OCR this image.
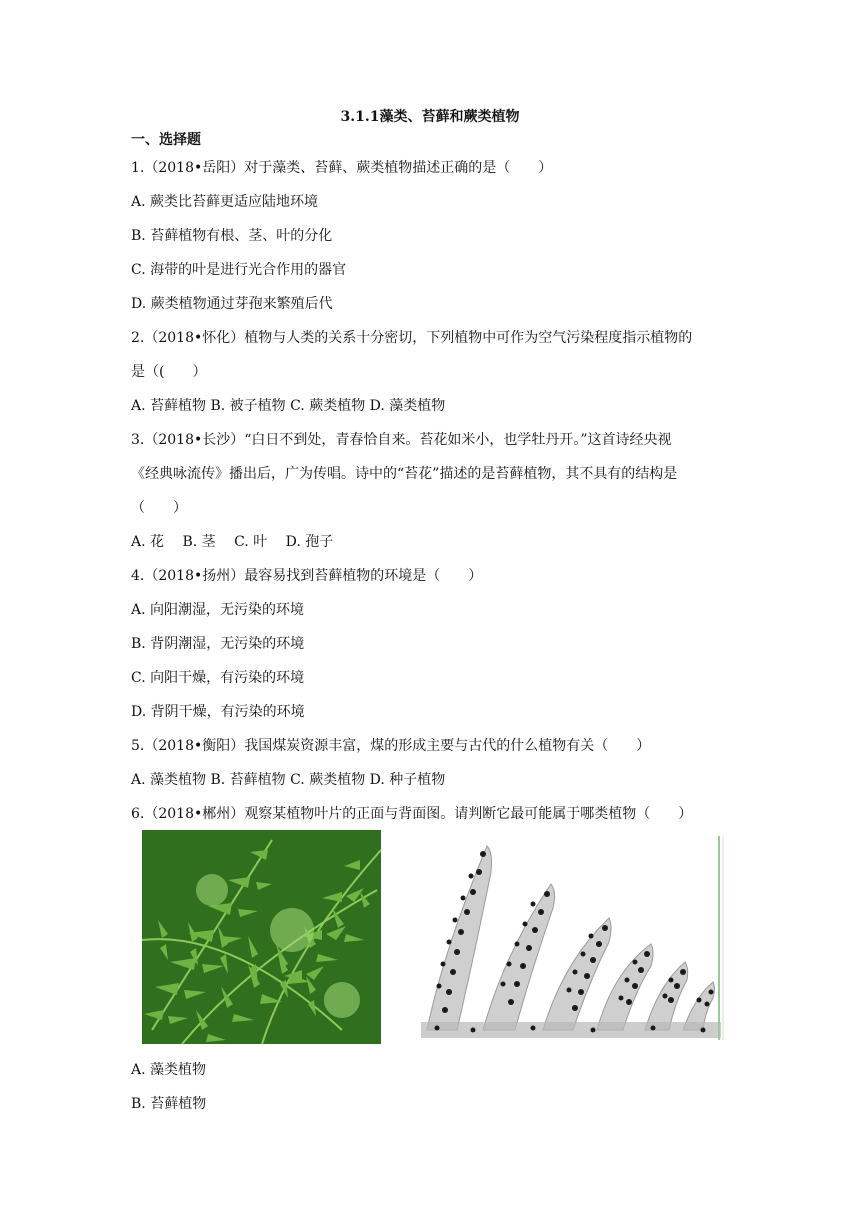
3.1.1藻类、苔藓和蕨类植物
一、选择题
1.（2018•岳阳）对于藻类、苔藓、蕨类植物描述正确的是（　　）
A. 蕨类比苔藓更适应陆地环境
B. 苔藓植物有根、茎、叶的分化
C. 海带的叶是进行光合作用的器官
D. 蕨类植物通过芽孢来繁殖后代
2.（2018•怀化）植物与人类的关系十分密切，下列植物中可作为空气污染程度指示植物的
是（(　　）
A. 苔藓植物 B. 被子植物 C. 蕨类植物 D. 藻类植物
3.（2018•长沙）“白日不到处，青春恰自来。苔花如米小，也学牡丹开。”这首诗经央视
《经典咏流传》播出后，广为传唱。诗中的“苔花”描述的是苔藓植物，其不具有的结构是
（　　）
A. 花　 B. 茎　 C. 叶　 D. 孢子
4.（2018•扬州）最容易找到苔藓植物的环境是（　　）
A. 向阳潮湿，无污染的环境
B. 背阴潮湿，无污染的环境
C. 向阳干燥，有污染的环境
D. 背阴干燥，有污染的环境
5.（2018•衡阳）我国煤炭资源丰富，煤的形成主要与古代的什么植物有关（　　）
A. 藻类植物 B. 苔藓植物 C. 蕨类植物 D. 种子植物
6.（2018•郴州）观察某植物叶片的正面与背面图。请判断它最可能属于哪类植物（　　）
A. 藻类植物
B. 苔藓植物
